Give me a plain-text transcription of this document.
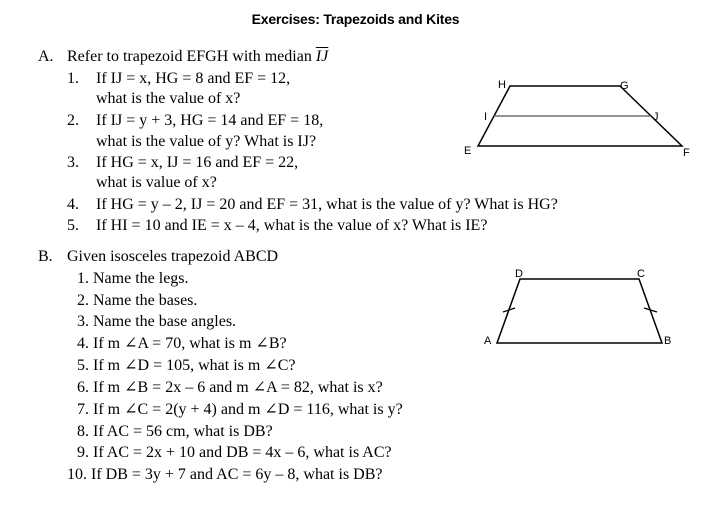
Exercises: Trapezoids and Kites
A. Refer to trapezoid EFGH with median $\overline{IJ}$
1. If IJ = x, HG = 8 and EF = 12,
what is the value of x?
2. If IJ = y + 3, HG = 14 and EF = 18,
what is the value of y? What is IJ?
3. If HG = x, IJ = 16 and EF = 22,
what is value of x?
4. If HG = y – 2, IJ = 20 and EF = 31, what is the value of y? What is HG?
5. If HI = 10 and IE = x – 4, what is the value of x? What is IE?
H	G
I	J
E	F
B. Given isosceles trapezoid ABCD
1. Name the legs.
2. Name the bases.
3. Name the base angles.
4. If m ∠A = 70, what is m ∠B?
5. If m ∠D = 105, what is m ∠C?
6. If m ∠B = 2x – 6 and m ∠A = 82, what is x?
7. If m ∠C = 2(y + 4) and m ∠D = 116, what is y?
8. If AC = 56 cm, what is DB?
9. If AC = 2x + 10 and DB = 4x – 6, what is AC?
10. If DB = 3y + 7 and AC = 6y – 8, what is DB?
D	C
A	B
